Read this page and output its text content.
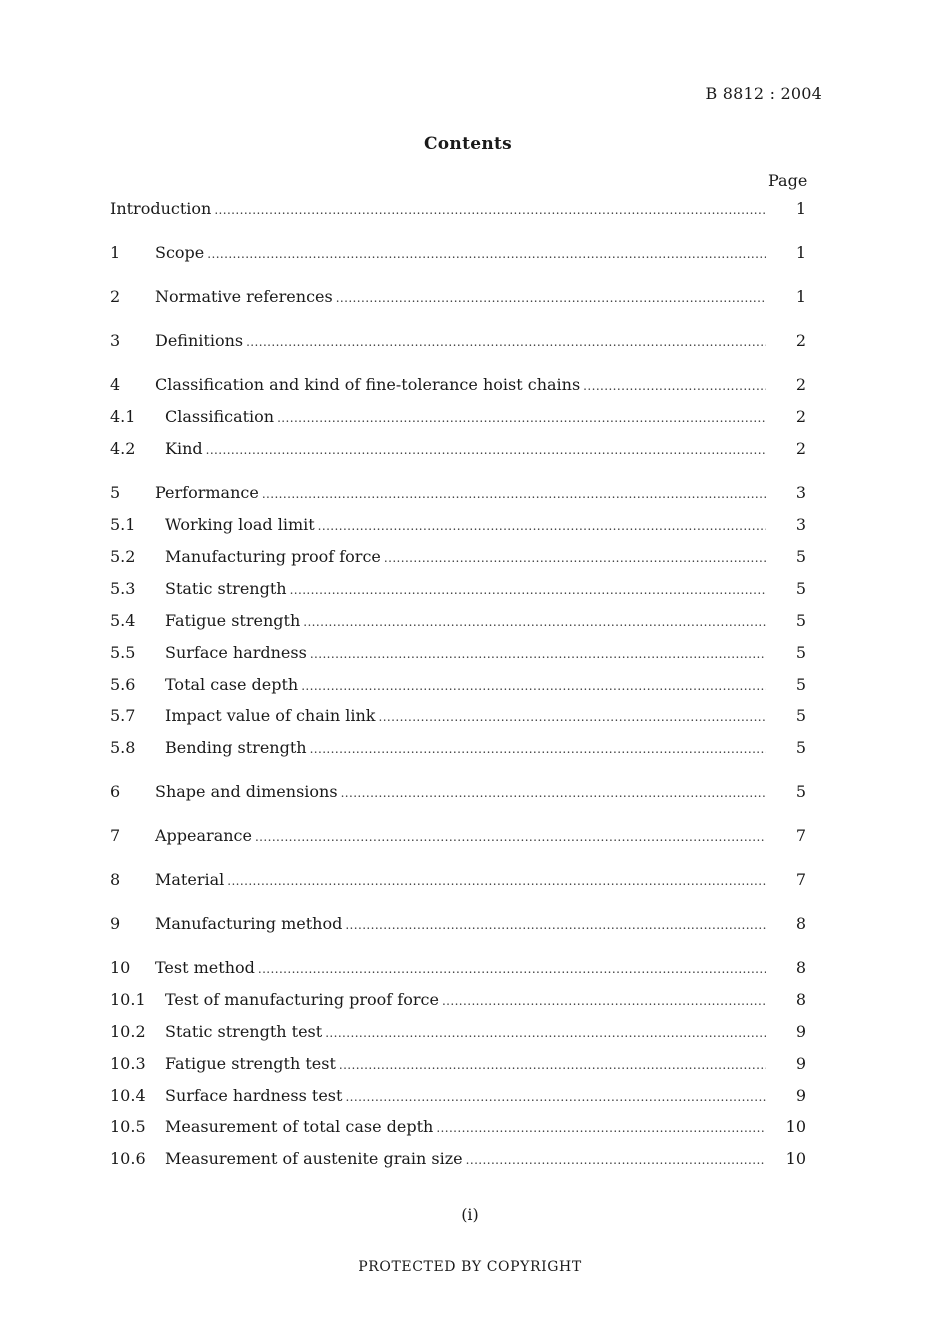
B 8812 : 2004
Contents
Page
Introduction .....	1
1	Scope .....	1
2	Normative references .....	1
3	Definitions .....	2
4	Classification and kind of fine-tolerance hoist chains .....	2
4.1	Classification .....	2
4.2	Kind .....	2
5	Performance .....	3
5.1	Working load limit .....	3
5.2	Manufacturing proof force .....	5
5.3	Static strength .....	5
5.4	Fatigue strength .....	5
5.5	Surface hardness .....	5
5.6	Total case depth .....	5
5.7	Impact value of chain link .....	5
5.8	Bending strength .....	5
6	Shape and dimensions .....	5
7	Appearance .....	7
8	Material .....	7
9	Manufacturing method .....	8
10	Test method .....	8
10.1	Test of manufacturing proof force .....	8
10.2	Static strength test .....	9
10.3	Fatigue strength test .....	9
10.4	Surface hardness test .....	9
10.5	Measurement of total case depth .....	10
10.6	Measurement of austenite grain size .....	10
(i)
PROTECTED BY COPYRIGHT
